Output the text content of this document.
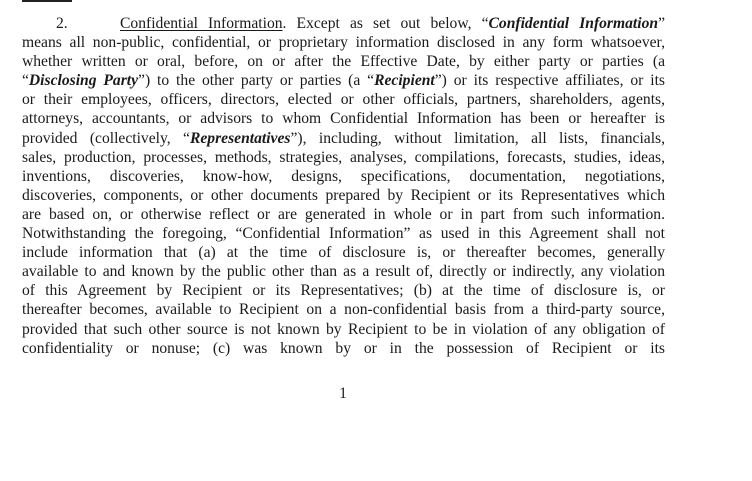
2.	Confidential Information. Except as set out below, “Confidential Information”
means all non-public, confidential, or proprietary information disclosed in any form whatsoever,
whether written or oral, before, on or after the Effective Date, by either party or parties (a
“Disclosing Party”) to the other party or parties (a “Recipient”) or its respective affiliates, or its
or their employees, officers, directors, elected or other officials, partners, shareholders, agents,
attorneys, accountants, or advisors to whom Confidential Information has been or hereafter is
provided (collectively, “Representatives”), including, without limitation, all lists, financials,
sales, production, processes, methods, strategies, analyses, compilations, forecasts, studies, ideas,
inventions, discoveries, know-how, designs, specifications, documentation, negotiations,
discoveries, components, or other documents prepared by Recipient or its Representatives which
are based on, or otherwise reflect or are generated in whole or in part from such information.
Notwithstanding the foregoing, “Confidential Information” as used in this Agreement shall not
include information that (a) at the time of disclosure is, or thereafter becomes, generally
available to and known by the public other than as a result of, directly or indirectly, any violation
of this Agreement by Recipient or its Representatives; (b) at the time of disclosure is, or
thereafter becomes, available to Recipient on a non-confidential basis from a third-party source,
provided that such other source is not known by Recipient to be in violation of any obligation of
confidentiality or nonuse; (c) was known by or in the possession of Recipient or its
1
